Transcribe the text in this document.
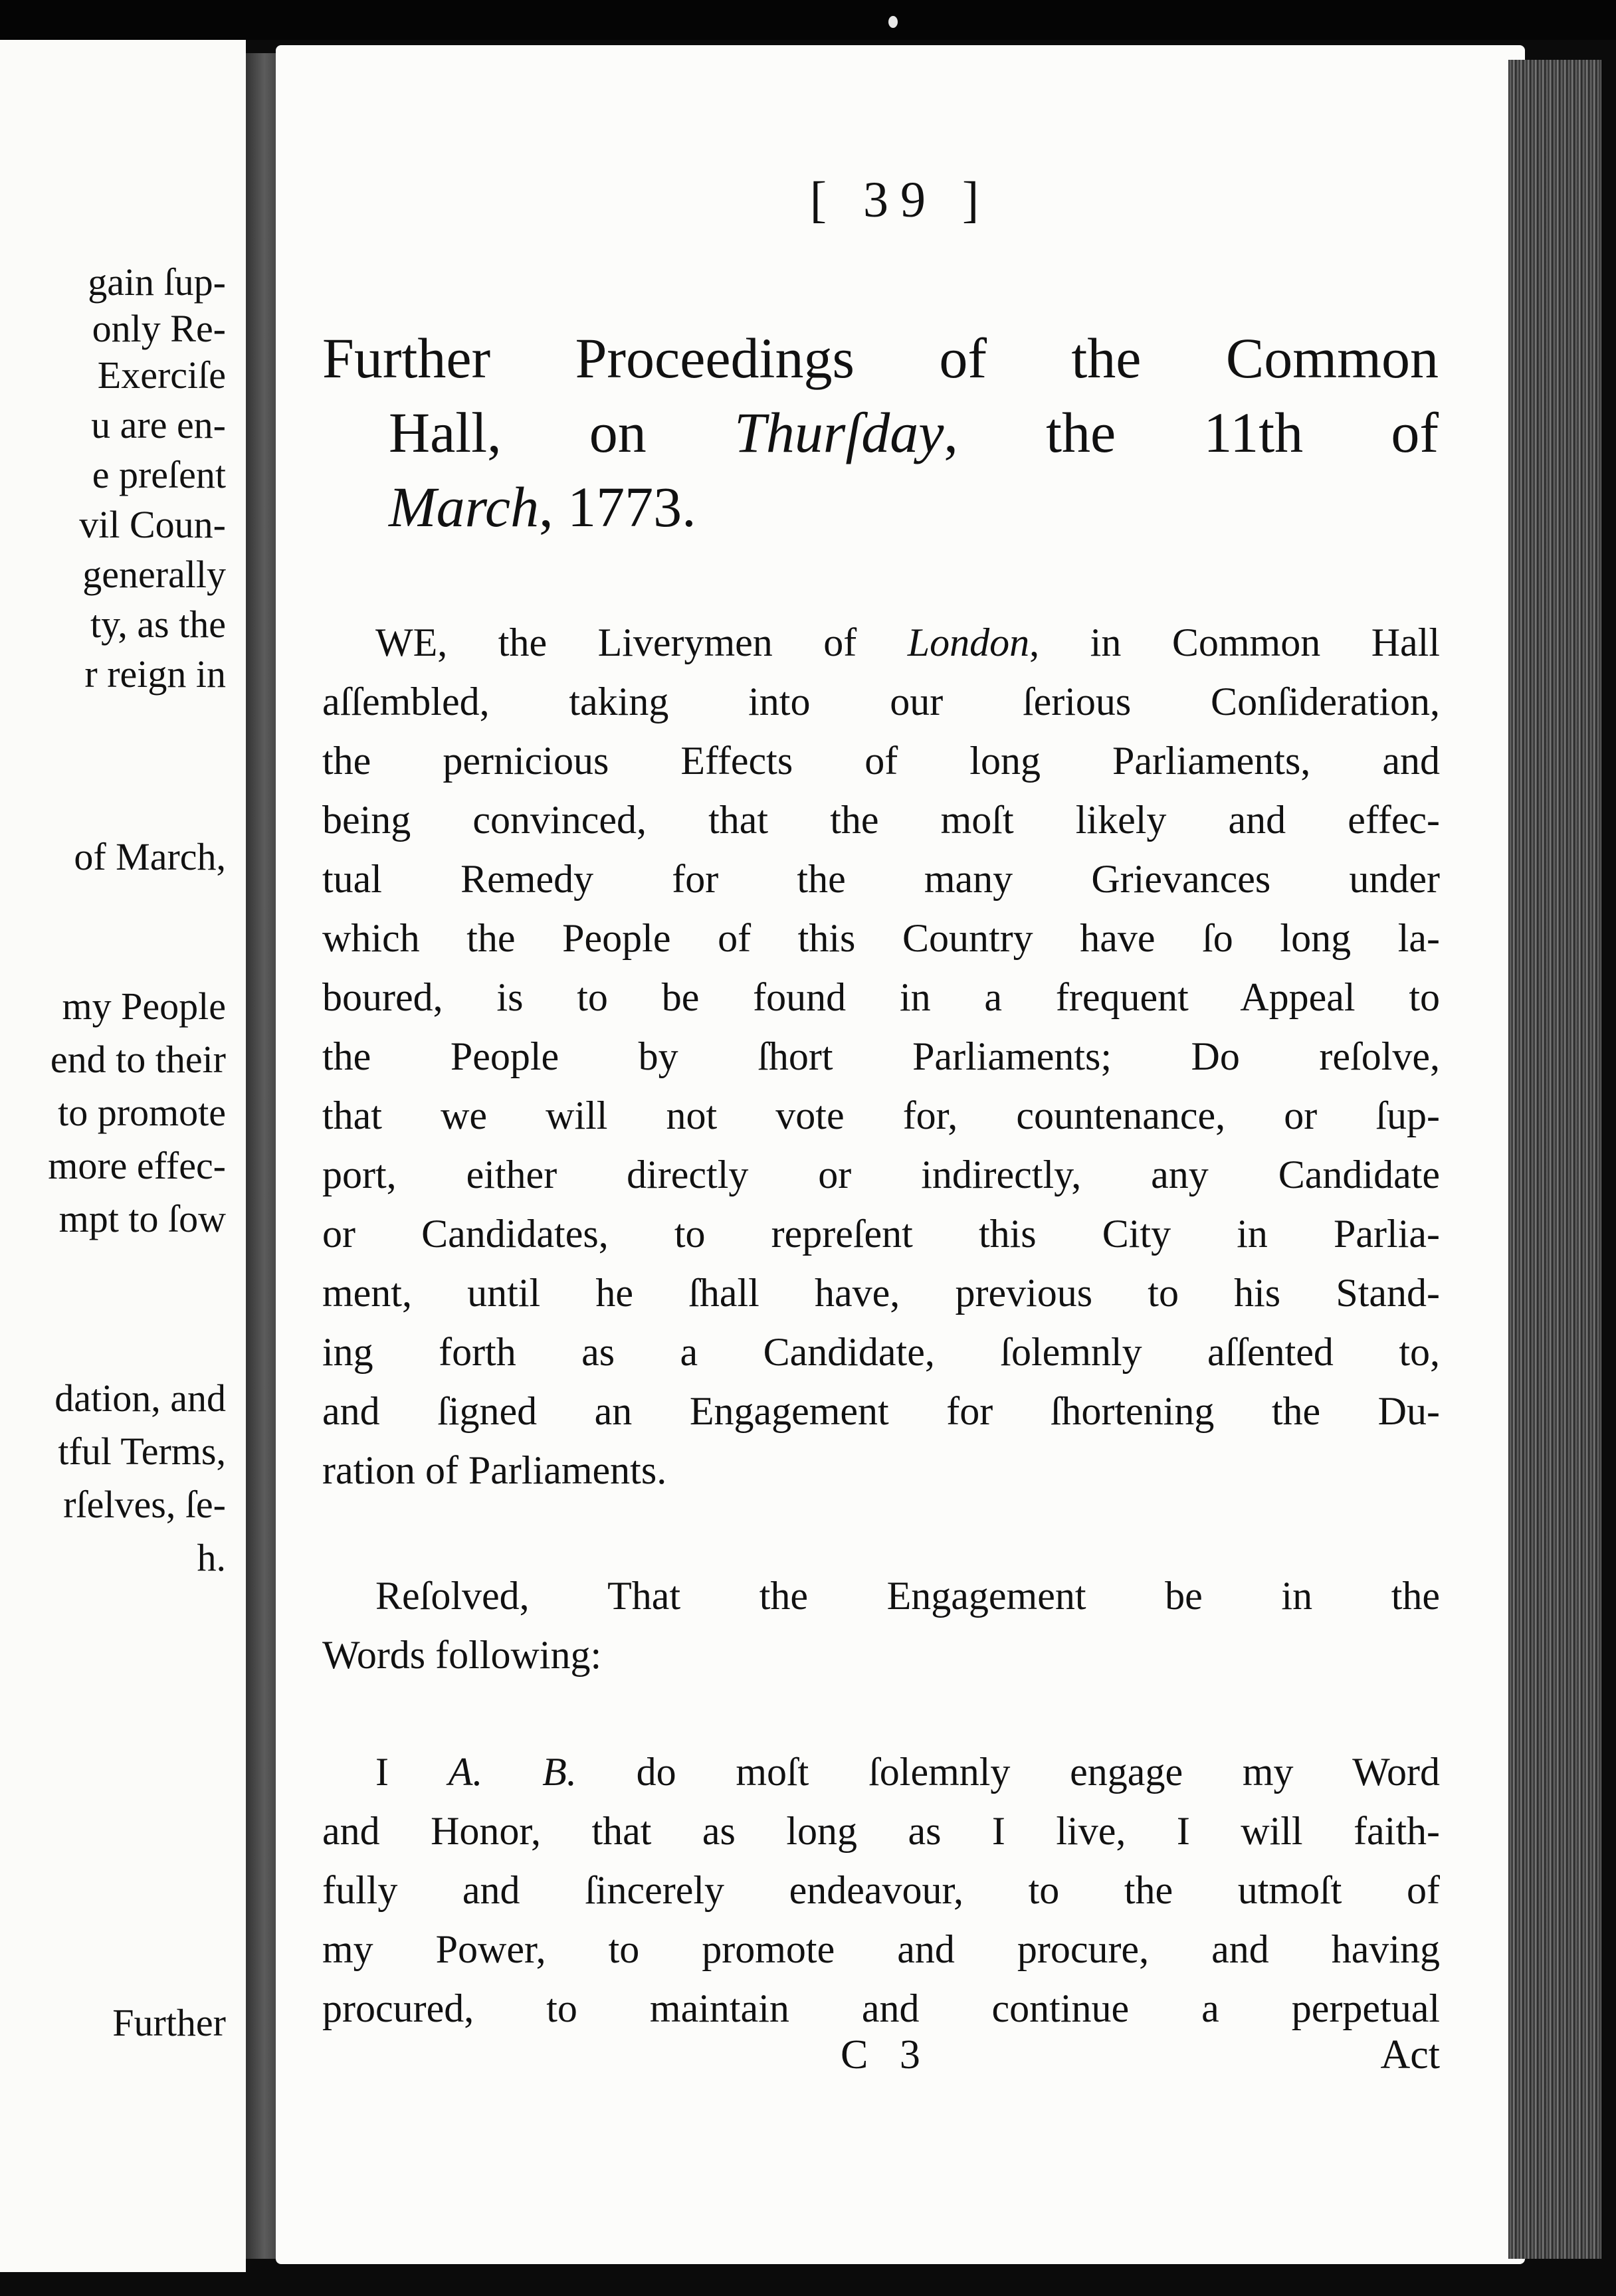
gain ſup-
only Re-
Exerciſe
u are en-
e preſent
vil Coun-
generally
ty, as the
r reign in
of March,
my People
end to their
to promote
more effec-
mpt to ſow
dation, and
tful Terms,
rſelves, ſe-
h.
Further
[ 39 ]
Further Proceedings of the Common
Hall, on Thurſday, the 11th of
March, 1773.

WE, the Liverymen of London, in Common Hall

aſſembled, taking into our ſerious Conſideration,

the pernicious Effects of long Parliaments, and

being convinced, that the moſt likely and effec-

tual Remedy for the many Grievances under

which the People of this Country have ſo long la-

boured, is to be found in a frequent Appeal to

the People by ſhort Parliaments; Do reſolve,

that we will not vote for, countenance, or ſup-

port, either directly or indirectly, any Candidate

or Candidates, to repreſent this City in Parlia-

ment, until he ſhall have, previous to his Stand-

ing forth as a Candidate, ſolemnly aſſented to,

and ſigned an Engagement for ſhortening the Du-

ration of Parliaments.

Reſolved, That the Engagement be in the

Words following:

I A. B. do moſt ſolemnly engage my Word

and Honor, that as long as I live, I will faith-

fully and ſincerely endeavour, to the utmoſt of

my Power, to promote and procure, and having

procured, to maintain and continue a perpetual

C 3	Act
